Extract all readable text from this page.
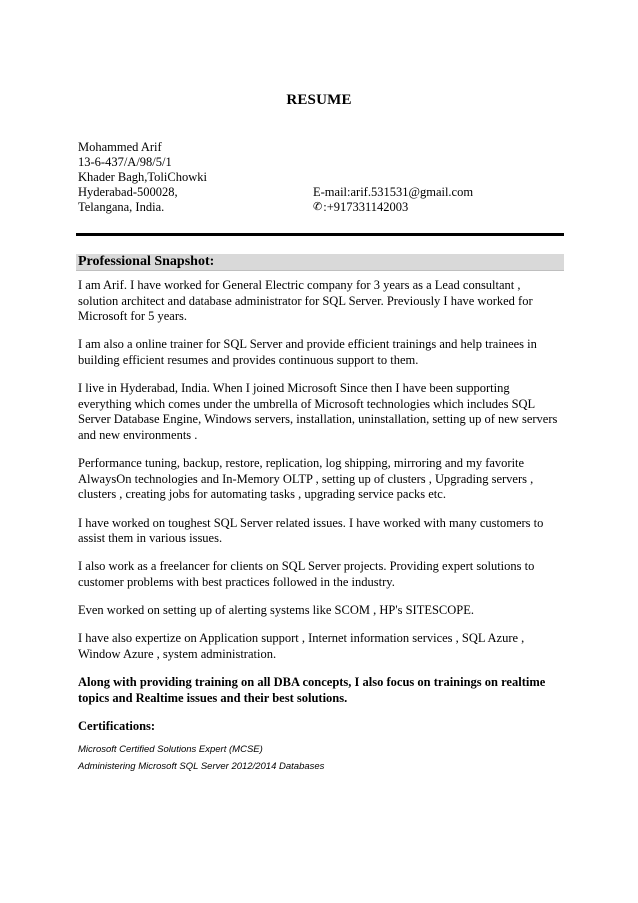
RESUME
Mohammed Arif
13-6-437/A/98/5/1
Khader Bagh,ToliChowki
Hyderabad-500028,
Telangana, India.
E-mail:arif.531531@gmail.com
✆ :+917331142003
Professional Snapshot:

I am Arif. I have worked for General Electric company for 3 years as a Lead consultant , solution architect and database administrator for SQL Server. Previously I have worked for Microsoft for 5 years.

I am also a online trainer for SQL Server and provide efficient trainings and help trainees in building efficient resumes and provides continuous support to them.

I live in Hyderabad, India. When I joined Microsoft Since then I have been supporting everything which comes under the umbrella of Microsoft technologies which includes SQL Server Database Engine, Windows servers, installation, uninstallation, setting up of new servers and new environments .

Performance tuning, backup, restore, replication, log shipping, mirroring and my favorite AlwaysOn technologies and In-Memory OLTP , setting up of clusters , Upgrading servers , clusters , creating jobs for automating tasks , upgrading service packs etc.

I have worked on toughest SQL Server related issues. I have worked with many customers to assist them in various issues.

I also work as a freelancer for clients on SQL Server projects. Providing expert solutions to customer problems with best practices followed in the industry.

Even worked on setting up of alerting systems like SCOM , HP's SITESCOPE.

I have also expertize on Application support , Internet information services , SQL Azure , Window Azure , system administration.

Along with providing training on all DBA concepts, I also focus on trainings on realtime topics and Realtime issues and their best solutions.

Certifications:
Microsoft Certified Solutions Expert (MCSE)
Administering Microsoft SQL Server 2012/2014 Databases
